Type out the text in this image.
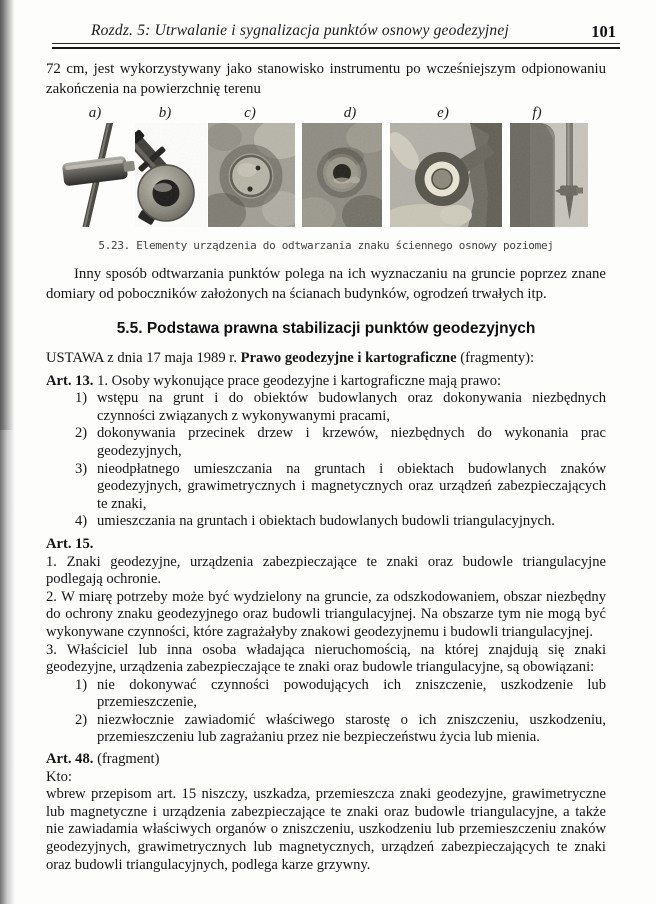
Rozdz. 5: Utrwalanie i sygnalizacja punktów osnowy geodezyjnej	101

72 cm, jest wykorzystywany jako stanowisko instrumentu po wcześniejszym odpionowaniu zakończenia na powierzchnię terenu

a)	b)	c)	d)	e)	f)
5.23. Elementy urządzenia do odtwarzania znaku ściennego osnowy poziomej

Inny sposób odtwarzania punktów polega na ich wyznaczaniu na gruncie poprzez znane domiary od poboczników założonych na ścianach budynków, ogrodzeń trwałych itp.

5.5. Podstawa prawna stabilizacji punktów geodezyjnych

USTAWA z dnia 17 maja 1989 r. Prawo geodezyjne i kartograficzne (fragmenty):

Art. 13. 1. Osoby wykonujące prace geodezyjne i kartograficzne mają prawo:

1) wstępu na grunt i do obiektów budowlanych oraz dokonywania niezbędnych czynności związanych z wykonywanymi pracami,
2) dokonywania przecinek drzew i krzewów, niezbędnych do wykonania prac geodezyjnych,
3) nieodpłatnego umieszczania na gruntach i obiektach budowlanych znaków geodezyjnych, grawimetrycznych i magnetycznych oraz urządzeń zabezpieczających te znaki,
4) umieszczania na gruntach i obiektach budowlanych budowli triangulacyjnych.

Art. 15.

1. Znaki geodezyjne, urządzenia zabezpieczające te znaki oraz budowle triangulacyjne podlegają ochronie.

2. W miarę potrzeby może być wydzielony na gruncie, za odszkodowaniem, obszar niezbędny do ochrony znaku geodezyjnego oraz budowli triangulacyjnej. Na obszarze tym nie mogą być wykonywane czynności, które zagrażałyby znakowi geodezyjnemu i budowli triangulacyjnej.

3. Właściciel lub inna osoba władająca nieruchomością, na której znajdują się znaki geodezyjne, urządzenia zabezpieczające te znaki oraz budowle triangulacyjne, są obowiązani:

1) nie dokonywać czynności powodujących ich zniszczenie, uszkodzenie lub przemieszczenie,
2) niezwłocznie zawiadomić właściwego starostę o ich zniszczeniu, uszkodzeniu, przemieszczeniu lub zagrażaniu przez nie bezpieczeństwu życia lub mienia.

Art. 48. (fragment)

Kto:

wbrew przepisom art. 15 niszczy, uszkadza, przemieszcza znaki geodezyjne, grawimetryczne lub magnetyczne i urządzenia zabezpieczające te znaki oraz budowle triangulacyjne, a także nie zawiadamia właściwych organów o zniszczeniu, uszkodzeniu lub przemieszczeniu znaków geodezyjnych, grawimetrycznych lub magnetycznych, urządzeń zabezpieczających te znaki oraz budowli triangulacyjnych, podlega karze grzywny.
